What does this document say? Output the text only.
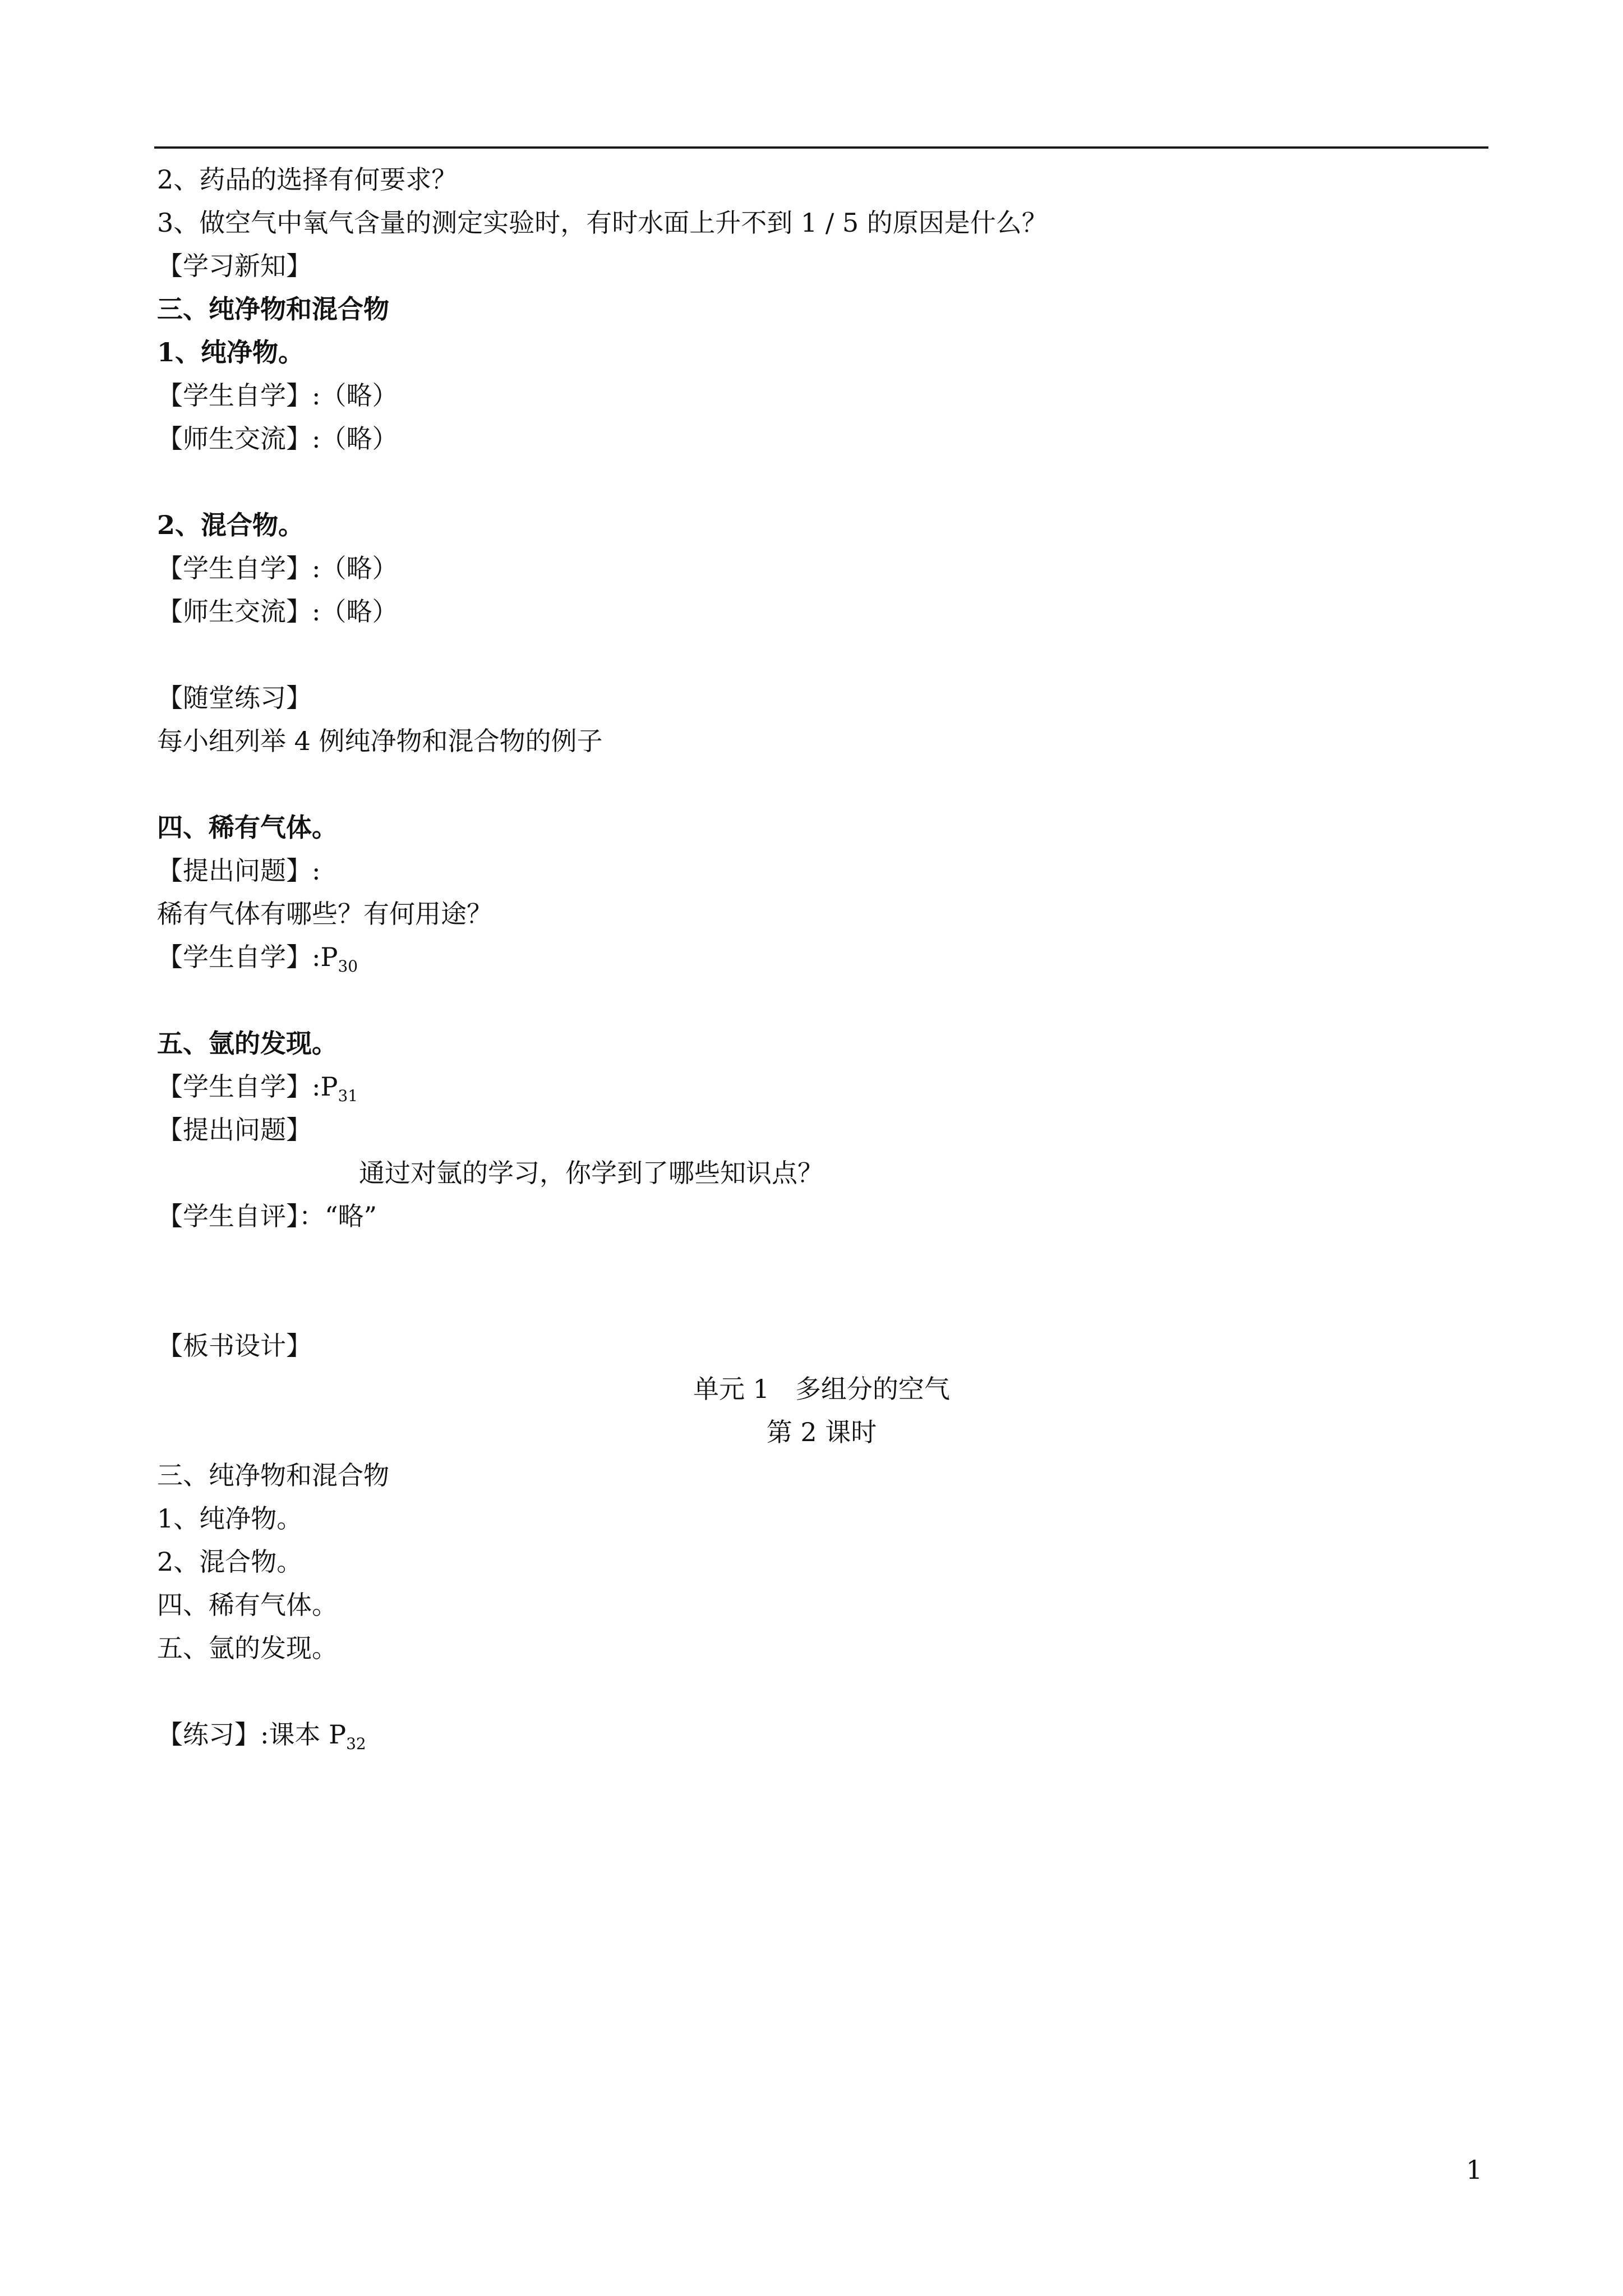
2、药品的选择有何要求？
3、做空气中氧气含量的测定实验时，有时水面上升不到 1 / 5 的原因是什么？
【学习新知】
三、纯净物和混合物
1、纯净物。
【学生自学】:（略）
【师生交流】:（略）
2、混合物。
【学生自学】:（略）
【师生交流】:（略）
【随堂练习】
每小组列举 4 例纯净物和混合物的例子
四、稀有气体。
【提出问题】:
稀有气体有哪些？有何用途？
【学生自学】$:P_{30}$
五、氩的发现。
【学生自学】$:P_{31}$
【提出问题】
通过对氩的学习，你学到了哪些知识点？
【学生自评】：“略”
【板书设计】
单元 1　多组分的空气
第 2 课时
三、纯净物和混合物
1、纯净物。
2、混合物。
四、稀有气体。
五、氩的发现。
【练习】:课本 $P_{32}$
1
